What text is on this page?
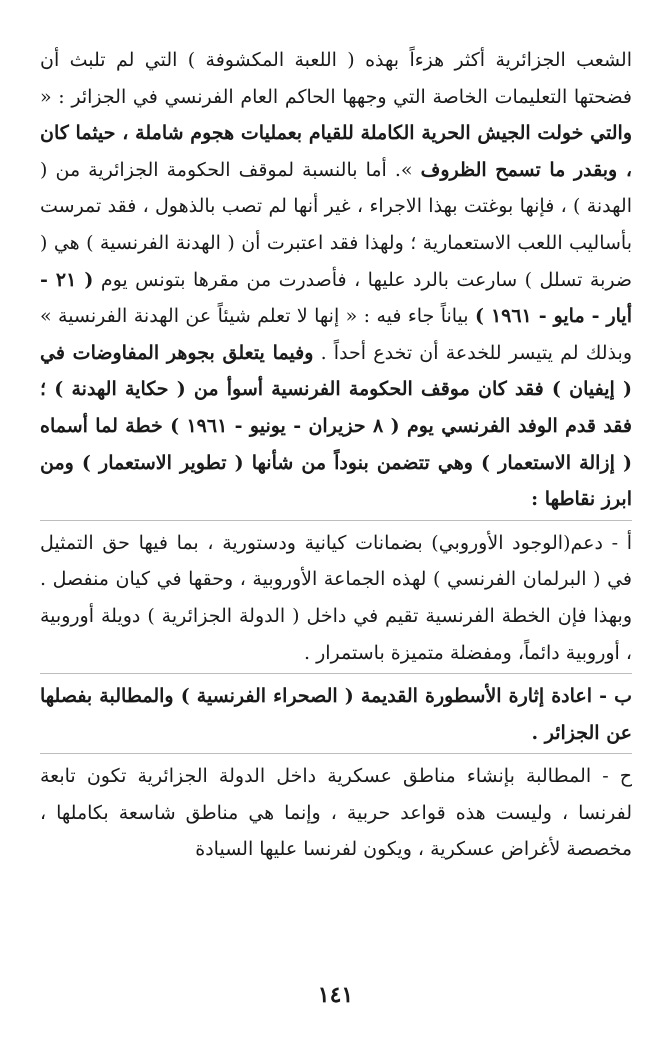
الشعب الجزائرية أكثر هزءاً بهذه ( اللعبة المكشوفة ) التي لم تلبث أن فضحتها التعليمات الخاصة التي وجهها الحاكم العام الفرنسي في الجزائر : « والتي خولت الجيش الحرية الكاملة للقيام بعمليات هجوم شاملة ، حيثما كان ، وبقدر ما تسمح الظروف ». أما بالنسبة لموقف الحكومة الجزائرية من ( الهدنة ) ، فإنها بوغتت بهذا الاجراء ، غير أنها لم تصب بالذهول ، فقد تمرست بأساليب اللعب الاستعمارية ؛ ولهذا فقد اعتبرت أن ( الهدنة الفرنسية ) هي ( ضربة تسلل ) سارعت بالرد عليها ، فأصدرت من مقرها بتونس يوم ( ٢١ - أيار - مايو - ١٩٦١ ) بياناً جاء فيه : « إنها لا تعلم شيئاً عن الهدنة الفرنسية » وبذلك لم يتيسر للخدعة أن تخدع أحداً . وفيما يتعلق بجوهر المفاوضات في ( إيفيان ) فقد كان موقف الحكومة الفرنسية أسوأ من ( حكاية الهدنة ) ؛ فقد قدم الوفد الفرنسي يوم ( ٨ حزيران - يونيو - ١٩٦١ ) خطة لما أسماه ( إزالة الاستعمار ) وهي تتضمن بنوداً من شأنها ( تطوير الاستعمار ) ومن ابرز نقاطها :

أ - دعم(الوجود الأوروبي) بضمانات كيانية ودستورية ، بما فيها حق التمثيل في ( البرلمان الفرنسي ) لهذه الجماعة الأوروبية ، وحقها في كيان منفصل . وبهذا فإن الخطة الفرنسية تقيم في داخل ( الدولة الجزائرية ) دويلة أوروبية ، أوروبية دائماً، ومفضلة متميزة باستمرار .

ب - اعادة إثارة الأسطورة القديمة ( الصحراء الفرنسية ) والمطالبة بفصلها عن الجزائر .

ح - المطالبة بإنشاء مناطق عسكرية داخل الدولة الجزائرية تكون تابعة لفرنسا ، وليست هذه قواعد حربية ، وإنما هي مناطق شاسعة بكاملها ، مخصصة لأغراض عسكرية ، ويكون لفرنسا عليها السيادة

١٤١
